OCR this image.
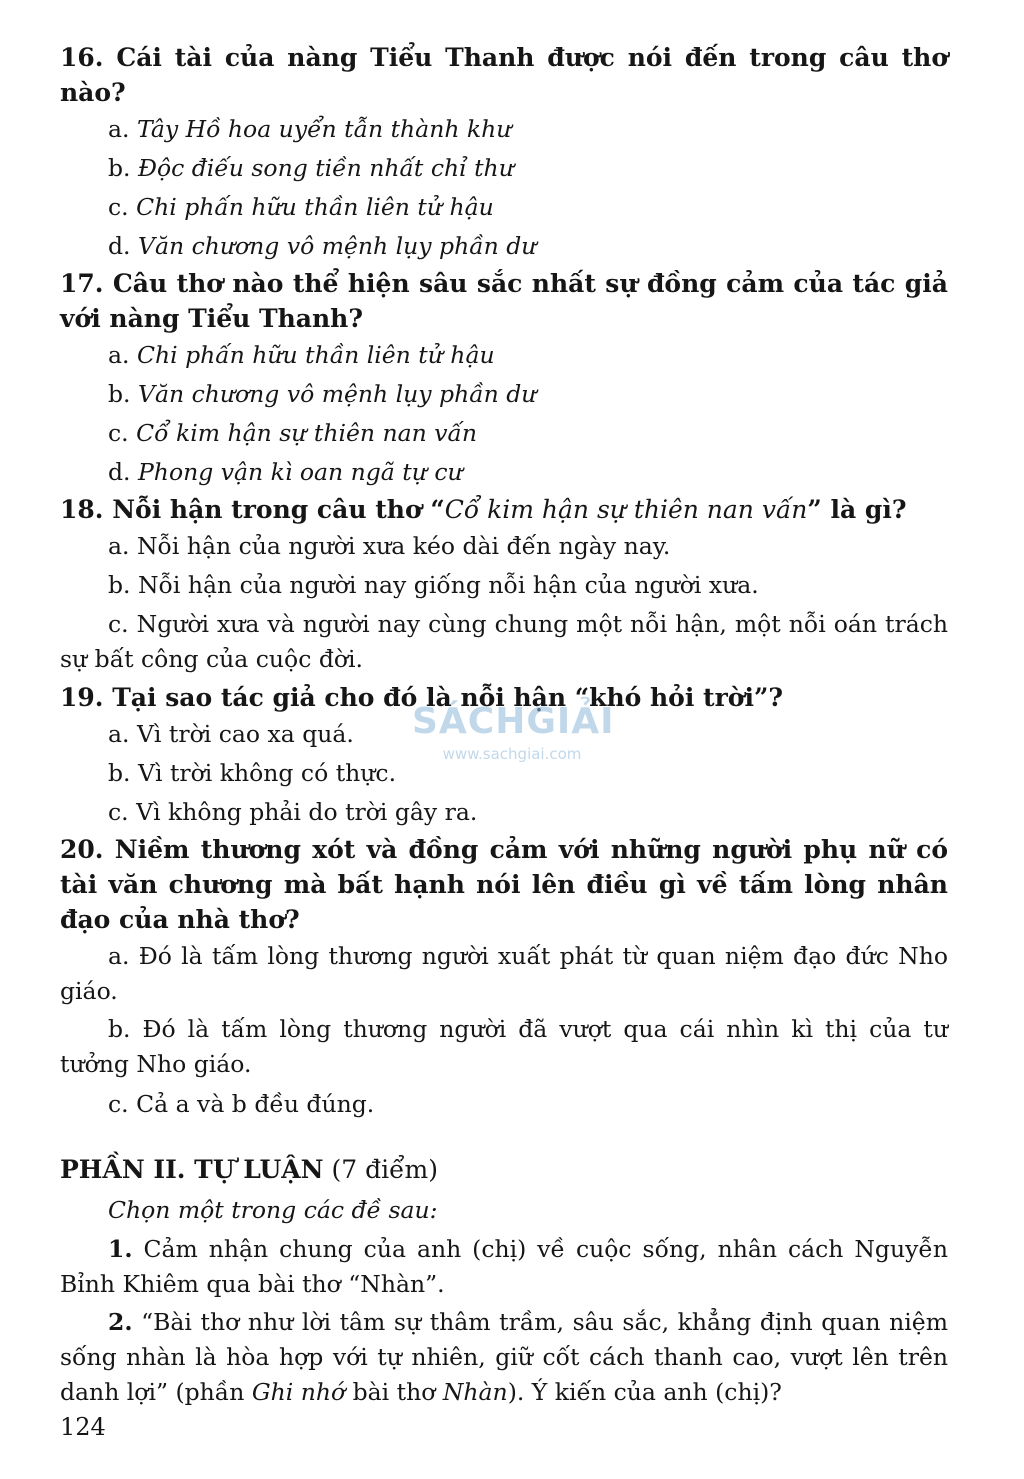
16. Cái tài của nàng Tiểu Thanh được nói đến trong câu thơ nào?

a. Tây Hồ hoa uyển tẫn thành khư

b. Độc điếu song tiền nhất chỉ thư

c. Chi phấn hữu thần liên tử hậu

d. Văn chương vô mệnh lụy phần dư

17. Câu thơ nào thể hiện sâu sắc nhất sự đồng cảm của tác giả với nàng Tiểu Thanh?

a. Chi phấn hữu thần liên tử hậu

b. Văn chương vô mệnh lụy phần dư

c. Cổ kim hận sự thiên nan vấn

d. Phong vận kì oan ngã tự cư

18. Nỗi hận trong câu thơ “Cổ kim hận sự thiên nan vấn” là gì?

a. Nỗi hận của người xưa kéo dài đến ngày nay.

b. Nỗi hận của người nay giống nỗi hận của người xưa.

c. Người xưa và người nay cùng chung một nỗi hận, một nỗi oán trách sự bất công của cuộc đời.

19. Tại sao tác giả cho đó là nỗi hận “khó hỏi trời”?

a. Vì trời cao xa quá.

b. Vì trời không có thực.

c. Vì không phải do trời gây ra.

20. Niềm thương xót và đồng cảm với những người phụ nữ có tài văn chương mà bất hạnh nói lên điều gì về tấm lòng nhân đạo của nhà thơ?

a. Đó là tấm lòng thương người xuất phát từ quan niệm đạo đức Nho giáo.

b. Đó là tấm lòng thương người đã vượt qua cái nhìn kì thị của tư tưởng Nho giáo.

c. Cả a và b đều đúng.

PHẦN II. TỰ LUẬN (7 điểm)

Chọn một trong các đề sau:

1. Cảm nhận chung của anh (chị) về cuộc sống, nhân cách Nguyễn Bỉnh Khiêm qua bài thơ “Nhàn”.

2. “Bài thơ như lời tâm sự thâm trầm, sâu sắc, khẳng định quan niệm sống nhàn là hòa hợp với tự nhiên, giữ cốt cách thanh cao, vượt lên trên danh lợi” (phần Ghi nhớ bài thơ Nhàn). Ý kiến của anh (chị)?

SÁCHGIẢI
www.sachgiai.com
124
